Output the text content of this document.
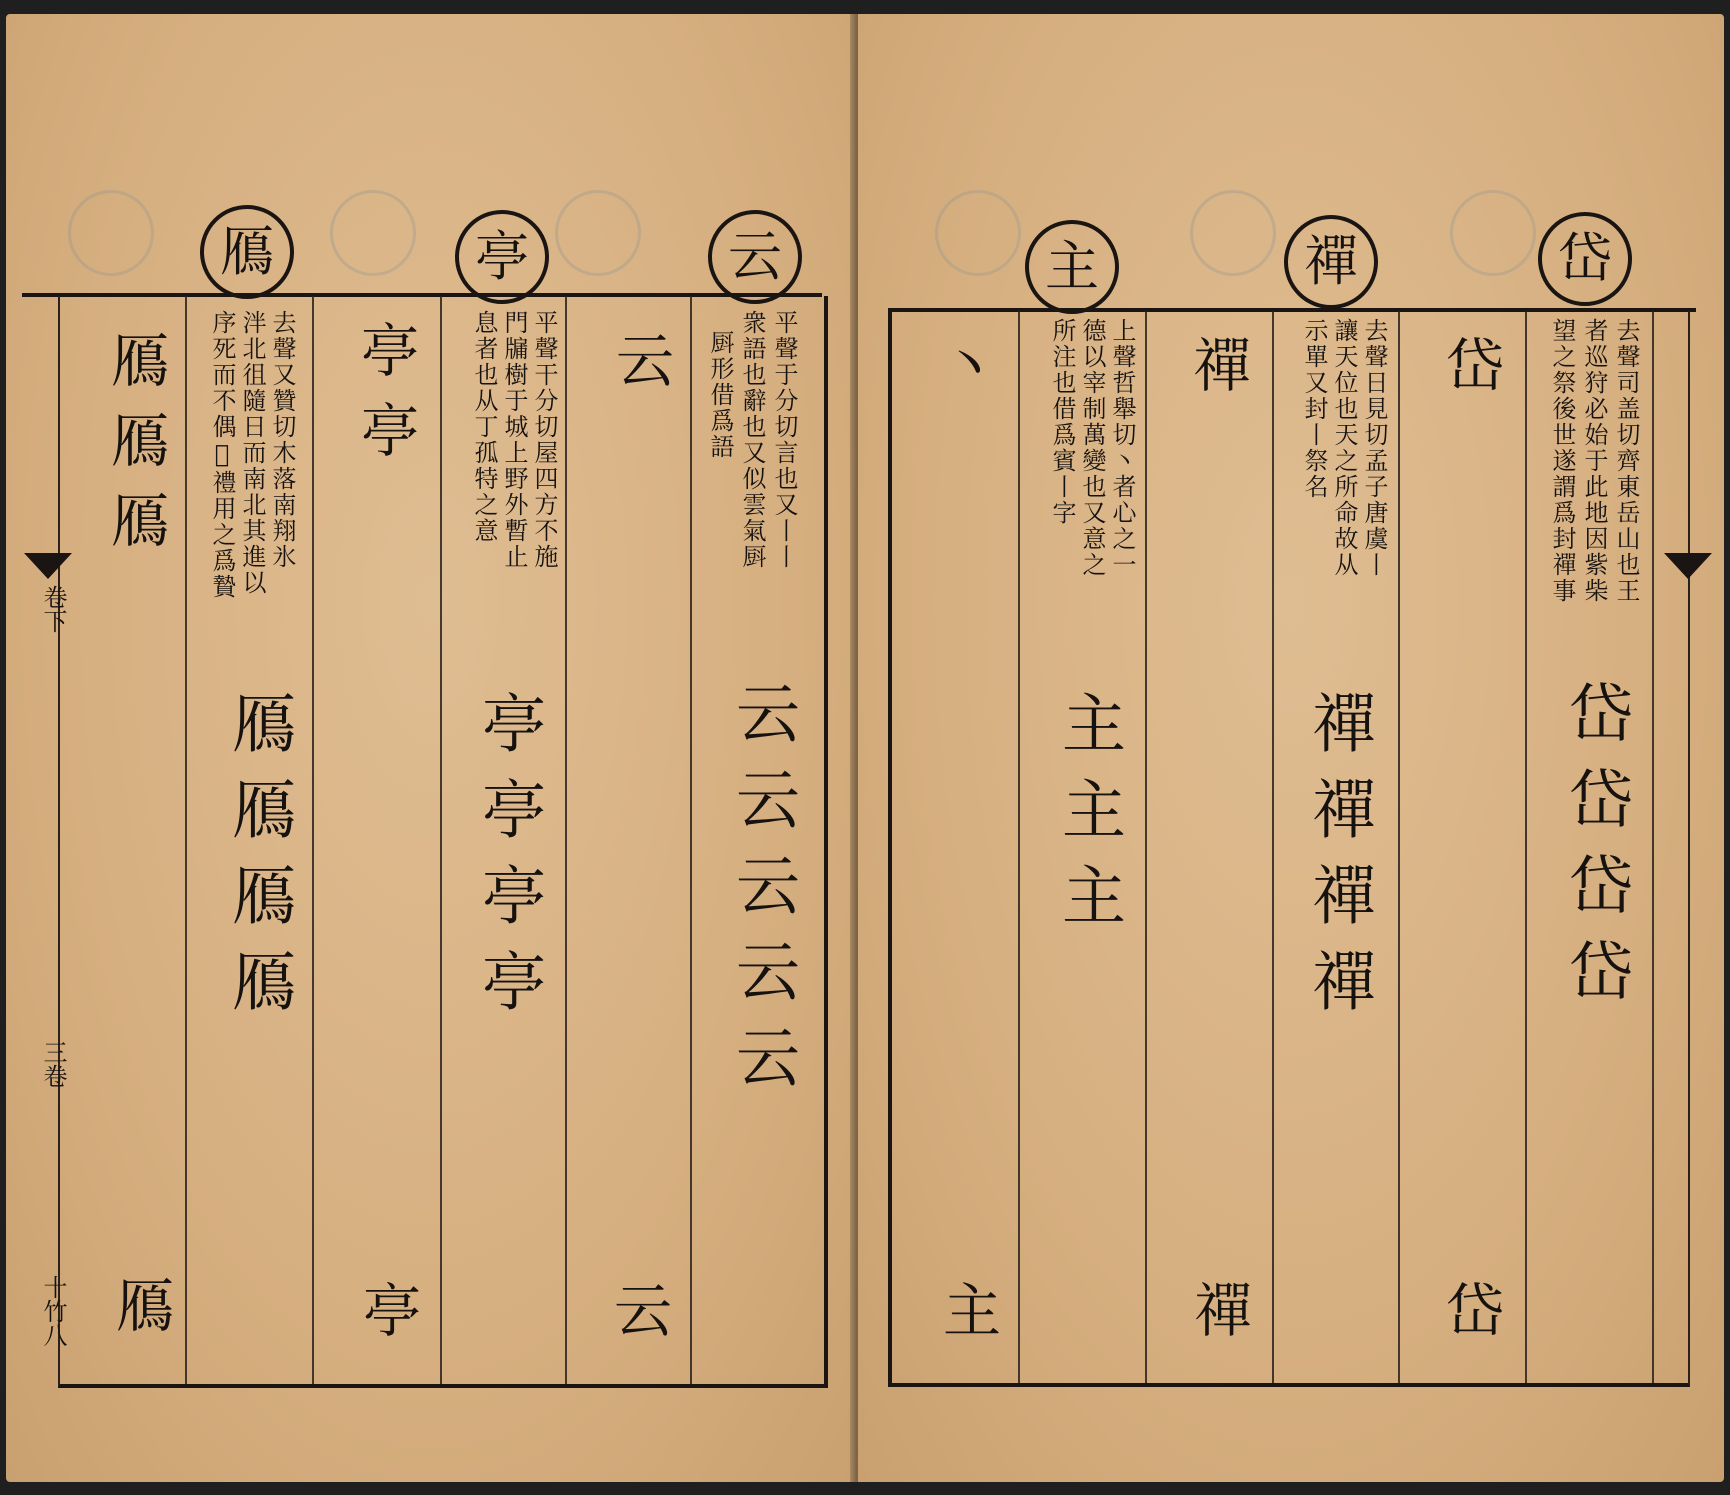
鴈	亭	云	主	禪	岱
平聲于分切言也又丨丨
衆語也辭也又似雲氣㕏
㕏形借爲語
云
云云云云云
云
平聲干分切屋四方不施
門牖樹于城上野外暫止
息者也从丁孤特之意
亭亭
亭亭亭亭
亭
去聲又贊切木落南翔氷
泮北徂隨日而南北其進以
序死而不偶𢗅禮用之爲贄
鴈鴈鴈
鴈鴈鴈鴈
鴈
卷下
三卷
十竹八
去聲司盖切齊東岳山也王
者巡狩必始于此地因紫柴
望之祭後世遂謂爲封禪事
岱
岱岱岱岱
岱
去聲日見切孟子唐虞丨
讓天位也天之所命故从
示單又封丨祭名
禪
禪禪禪禪
禪
上聲哲舉切丶者心之一
德以宰制萬變也又意之
所注也借爲賓丨字
丶
主主主
主
